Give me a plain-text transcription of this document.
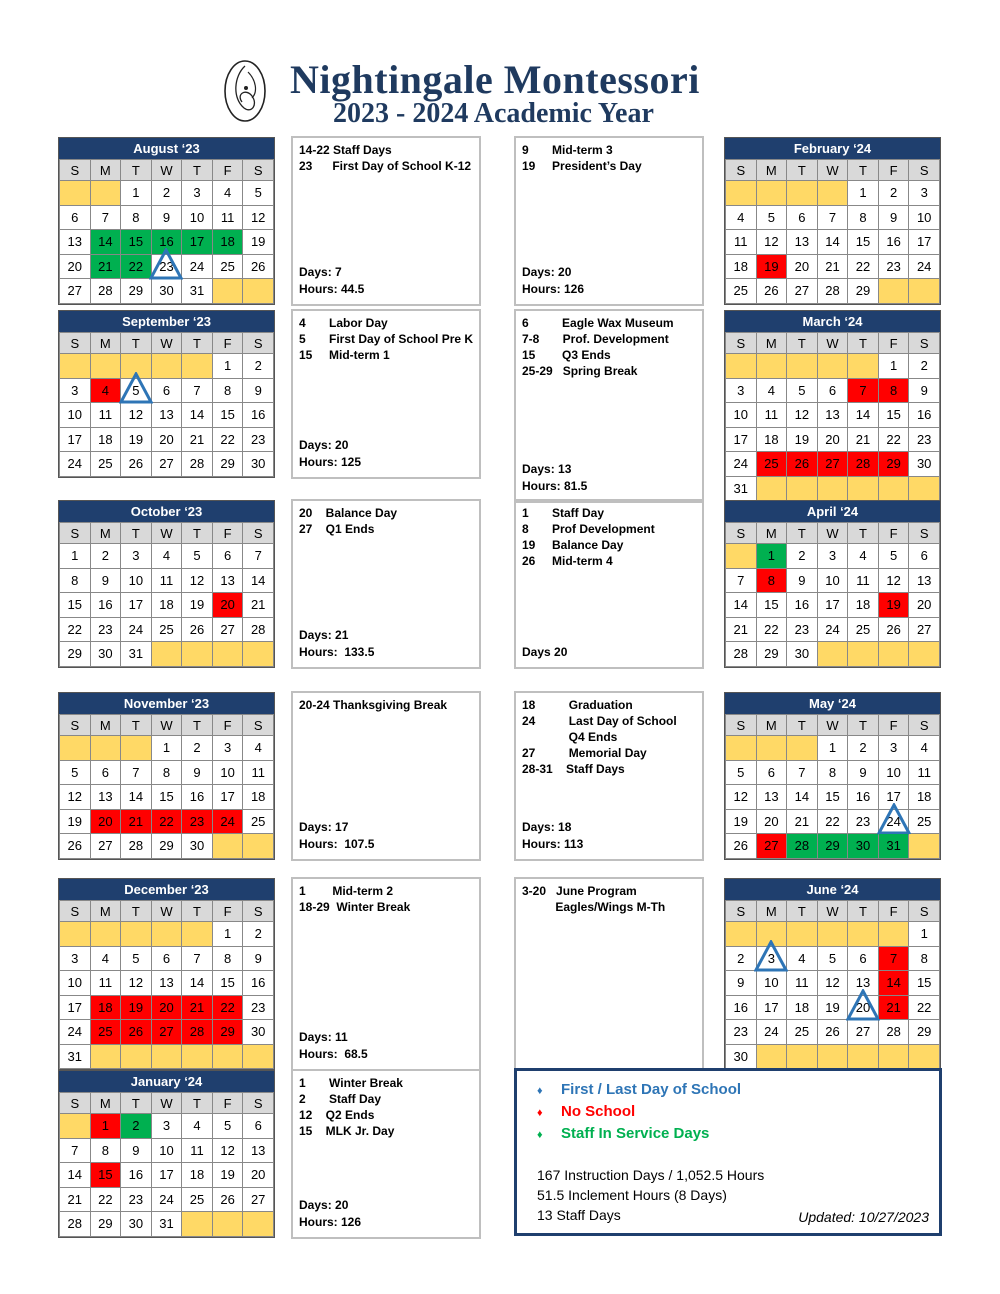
Nightingale Montessori
2023 - 2024 Academic Year
August ‘23
S	M	T	W	T	F	S
		1	2	3	4	5
6	7	8	9	10	11	12
13	14	15	16	17	18	19
20	21	22	23	24	25	26
27	28	29	30	31		
14-22 Staff Days
23      First Day of School K-12
Days: 7
Hours: 44.5
September ‘23
S	M	T	W	T	F	S
					1	2
3	4	5	6	7	8	9
10	11	12	13	14	15	16
17	18	19	20	21	22	23
24	25	26	27	28	29	30
4       Labor Day
5       First Day of School Pre K
15     Mid-term 1
Days: 20
Hours: 125
October ‘23
S	M	T	W	T	F	S
1	2	3	4	5	6	7
8	9	10	11	12	13	14
15	16	17	18	19	20	21
22	23	24	25	26	27	28
29	30	31				
20    Balance Day
27    Q1 Ends
Days: 21
Hours:  133.5
November ‘23
S	M	T	W	T	F	S
			1	2	3	4
5	6	7	8	9	10	11
12	13	14	15	16	17	18
19	20	21	22	23	24	25
26	27	28	29	30		
20-24 Thanksgiving Break
Days: 17
Hours:  107.5
December ‘23
S	M	T	W	T	F	S
					1	2
3	4	5	6	7	8	9
10	11	12	13	14	15	16
17	18	19	20	21	22	23
24	25	26	27	28	29	30
31						
1        Mid-term 2
18-29  Winter Break
Days: 11
Hours:  68.5
January ‘24
S	M	T	W	T	F	S
	1	2	3	4	5	6
7	8	9	10	11	12	13
14	15	16	17	18	19	20
21	22	23	24	25	26	27
28	29	30	31			
1       Winter Break
2       Staff Day
12    Q2 Ends
15    MLK Jr. Day
Days: 20
Hours: 126
February ‘24
S	M	T	W	T	F	S
				1	2	3
4	5	6	7	8	9	10
11	12	13	14	15	16	17
18	19	20	21	22	23	24
25	26	27	28	29		
9       Mid-term 3
19     President’s Day
Days: 20
Hours: 126
March ‘24
S	M	T	W	T	F	S
					1	2
3	4	5	6	7	8	9
10	11	12	13	14	15	16
17	18	19	20	21	22	23
24	25	26	27	28	29	30
31						
6          Eagle Wax Museum
7-8       Prof. Development
15        Q3 Ends
25-29   Spring Break
Days: 13
Hours: 81.5
April ‘24
S	M	T	W	T	F	S
	1	2	3	4	5	6
7	8	9	10	11	12	13
14	15	16	17	18	19	20
21	22	23	24	25	26	27
28	29	30				
1       Staff Day
8       Prof Development
19     Balance Day
26     Mid-term 4
Days 20
May ‘24
S	M	T	W	T	F	S
			1	2	3	4
5	6	7	8	9	10	11
12	13	14	15	16	17	18
19	20	21	22	23	24	25
26	27	28	29	30	31	
18          Graduation
24          Last Day of School
Q4 Ends
27          Memorial Day
28-31    Staff Days
Days: 18
Hours: 113
June ‘24
S	M	T	W	T	F	S
						1
2	3	4	5	6	7	8
9	10	11	12	13	14	15
16	17	18	19	20	21	22
23	24	25	26	27	28	29
30						
3-20   June Program
Eagles/Wings M-Th
♦ First / Last Day of School
♦ No School
♦ Staff In Service Days
167 Instruction Days / 1,052.5 Hours
51.5 Inclement Hours (8 Days)
13 Staff Days	Updated: 10/27/2023
